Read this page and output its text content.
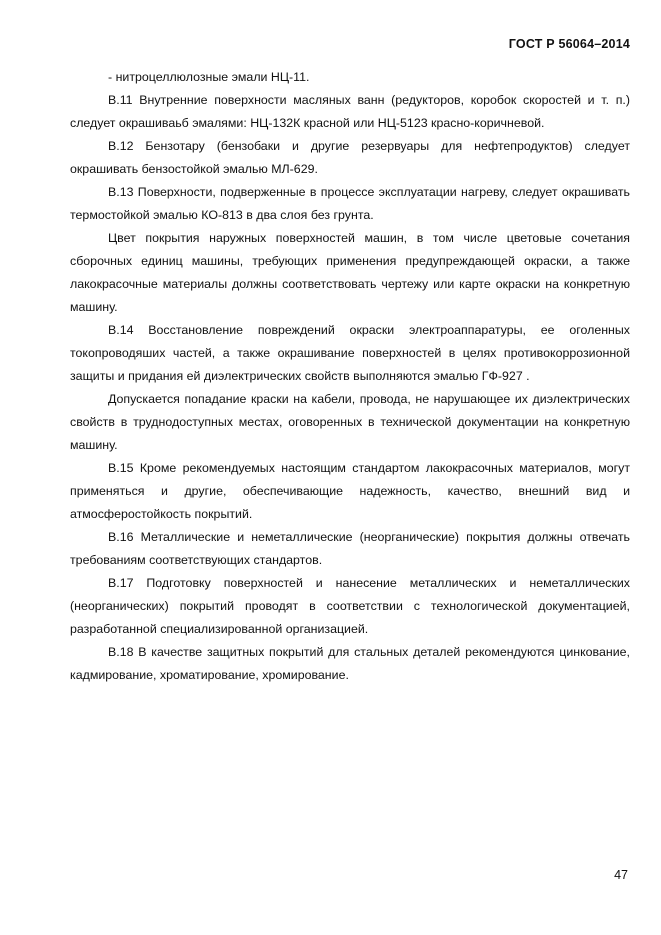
ГОСТ Р 56064–2014

- нитроцеллюлозные эмали НЦ-11.

В.11 Внутренние поверхности масляных ванн (редукторов, коробок скоростей и т. п.) следует окрашиваьб эмалями: НЦ-132К красной или НЦ-5123 красно-коричневой.

В.12 Бензотару (бензобаки и другие резервуары для нефтепродуктов) следует окрашивать бензостойкой эмалью МЛ-629.

В.13 Поверхности, подверженные в процессе эксплуатации нагреву, следует окрашивать термостойкой эмалью КО-813 в два слоя без грунта.

Цвет покрытия наружных поверхностей машин, в том числе цветовые сочетания сборочных единиц машины, требующих применения предупреждающей окраски, а также лакокрасочные материалы должны соответствовать чертежу или карте окраски на конкретную машину.

В.14 Восстановление повреждений окраски электроаппаратуры, ее оголенных токопроводяших частей, а также окрашивание поверхностей в целях противокоррозионной защиты и придания ей диэлектрических свойств выполняются эмалью ГФ-927 .

Допускается попадание краски на кабели, провода, не нарушающее их диэлектрических свойств в труднодоступных местах, оговоренных в технической документации на конкретную машину.

В.15 Кроме рекомендуемых настоящим стандартом лакокрасочных материалов, могут применяться и другие, обеспечивающие надежность, качество, внешний вид и атмосферостойкость покрытий.

В.16 Металлические и неметаллические (неорганические) покрытия должны отвечать требованиям соответствующих стандартов.

В.17 Подготовку поверхностей и нанесение металлических и неметаллических (неорганических) покрытий проводят в соответствии с технологической документацией, разработанной специализированной организацией.

В.18 В качестве защитных покрытий для стальных деталей рекомендуются цинкование, кадмирование, хроматирование, хромирование.

47
